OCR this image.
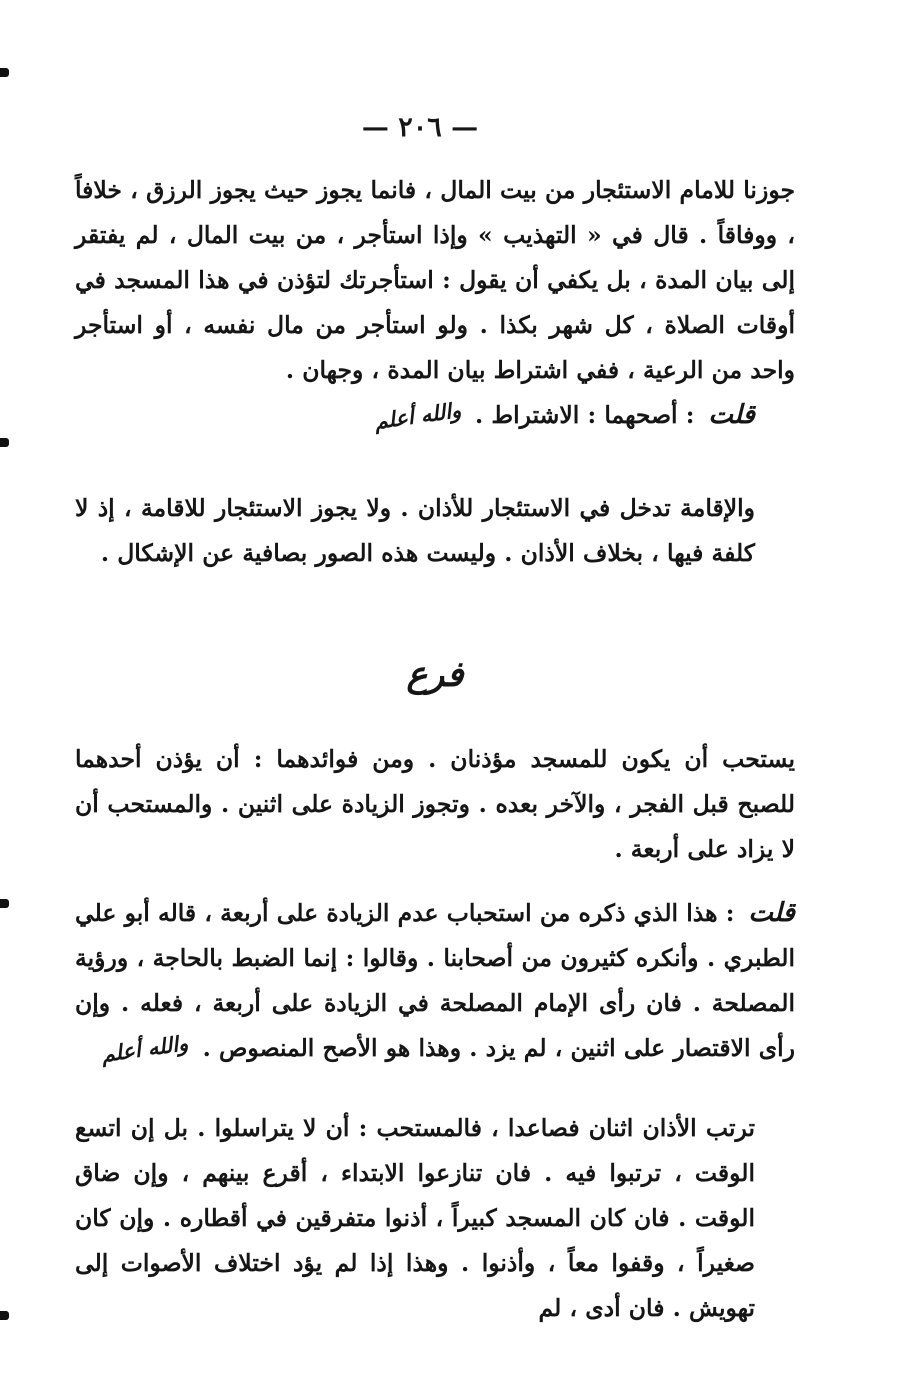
— ٢٠٦ —

جوزنا للامام الاستئجار من بيت المال ، فانما يجوز حيث يجوز الرزق ، خلافاً ، ووفاقاً . قال في « التهذيب » وإذا استأجر ، من بيت المال ، لم يفتقر إلى بيان المدة ، بل يكفي أن يقول : استأجرتك لتؤذن في هذا المسجد في أوقات الصلاة ، كل شهر بكذا . ولو استأجر من مال نفسه ، أو استأجر واحد من الرعية ، ففي اشتراط بيان المدة ، وجهان .

قلت: أصحهما : الاشتراط . والله أعلم

والإقامة تدخل في الاستئجار للأذان . ولا يجوز الاستئجار للاقامة ، إذ لا كلفة فيها ، بخلاف الأذان . وليست هذه الصور بصافية عن الإشكال .

فرع

يستحب أن يكون للمسجد مؤذنان . ومن فوائدهما : أن يؤذن أحدهما للصبح قبل الفجر ، والآخر بعده . وتجوز الزيادة على اثنين . والمستحب أن لا يزاد على أربعة .

قلت: هذا الذي ذكره من استحباب عدم الزيادة على أربعة ، قاله أبو علي الطبري . وأنكره كثيرون من أصحابنا . وقالوا : إنما الضبط بالحاجة ، ورؤية المصلحة . فان رأى الإمام المصلحة في الزيادة على أربعة ، فعله . وإن رأى الاقتصار على اثنين ، لم يزد . وهذا هو الأصح المنصوص . والله أعلم

ترتب الأذان اثنان فصاعدا ، فالمستحب : أن لا يتراسلوا . بل إن اتسع الوقت ، ترتبوا فيه . فان تنازعوا الابتداء ، أقرع بينهم ، وإن ضاق الوقت . فان كان المسجد كبيراً ، أذنوا متفرقين في أقطاره . وإن كان صغيراً ، وقفوا معاً ، وأذنوا . وهذا إذا لم يؤد اختلاف الأصوات إلى تهويش . فان أدى ، لم
